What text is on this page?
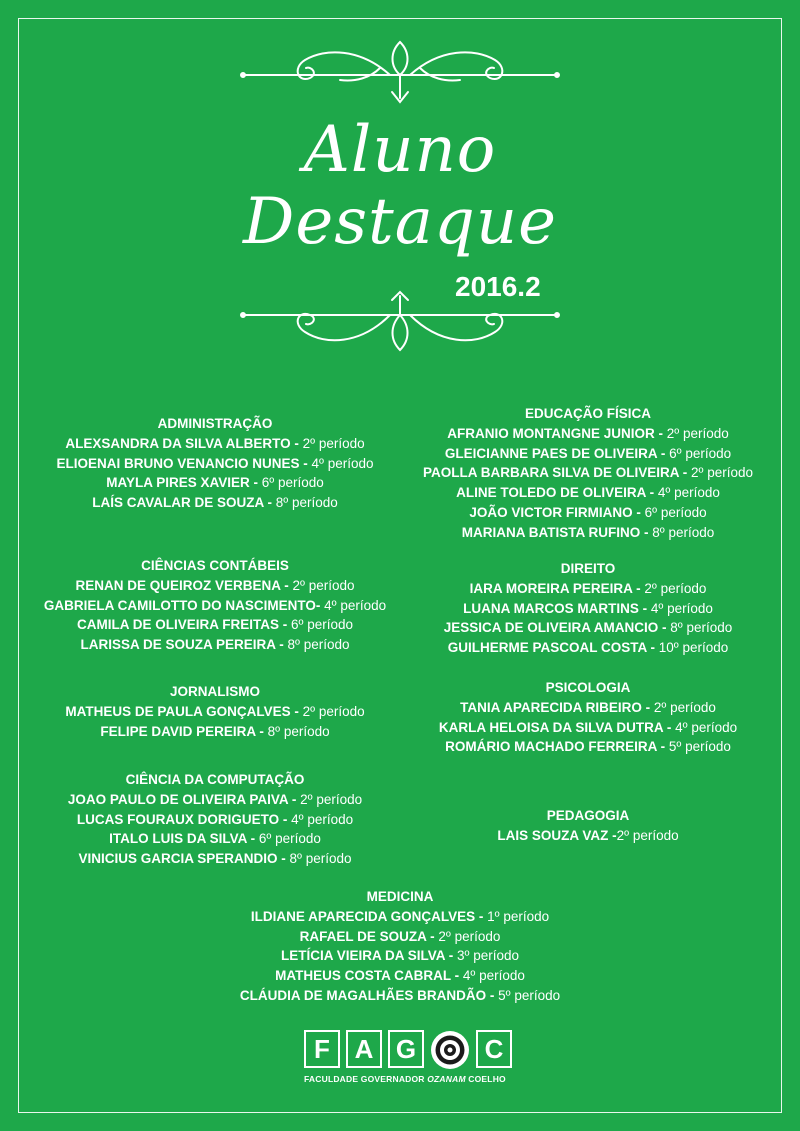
Aluno
Destaque
2016.2
ADMINISTRAÇÃO
ALEXSANDRA DA SILVA ALBERTO - 2º período
ELIOENAI BRUNO VENANCIO NUNES - 4º período
MAYLA PIRES XAVIER - 6º período
LAÍS CAVALAR DE SOUZA - 8º período
CIÊNCIAS CONTÁBEIS
RENAN DE QUEIROZ VERBENA - 2º período
GABRIELA CAMILOTTO DO NASCIMENTO- 4º período
CAMILA DE OLIVEIRA FREITAS - 6º período
LARISSA DE SOUZA PEREIRA - 8º período
JORNALISMO
MATHEUS DE PAULA GONÇALVES - 2º período
FELIPE DAVID PEREIRA - 8º período
CIÊNCIA DA COMPUTAÇÃO
JOAO PAULO DE OLIVEIRA PAIVA - 2º período
LUCAS FOURAUX DORIGUETO - 4º período
ITALO LUIS DA SILVA - 6º período
VINICIUS GARCIA SPERANDIO - 8º período
EDUCAÇÃO FÍSICA
AFRANIO MONTANGNE JUNIOR - 2º período
GLEICIANNE PAES DE OLIVEIRA - 6º período
PAOLLA BARBARA SILVA DE OLIVEIRA - 2º período
ALINE TOLEDO DE OLIVEIRA - 4º período
JOÃO VICTOR FIRMIANO - 6º período
MARIANA BATISTA RUFINO - 8º período
DIREITO
IARA MOREIRA PEREIRA - 2º período
LUANA MARCOS MARTINS - 4º período
JESSICA DE OLIVEIRA AMANCIO - 8º período
GUILHERME PASCOAL COSTA - 10º período
PSICOLOGIA
TANIA APARECIDA RIBEIRO - 2º período
KARLA HELOISA DA SILVA DUTRA - 4º período
ROMÁRIO MACHADO FERREIRA - 5º período
PEDAGOGIA
LAIS SOUZA VAZ -2º período
MEDICINA
ILDIANE APARECIDA GONÇALVES - 1º período
RAFAEL DE SOUZA - 2º período
LETÍCIA VIEIRA DA SILVA - 3º período
MATHEUS COSTA CABRAL - 4º período
CLÁUDIA DE MAGALHÃES BRANDÃO - 5º período
F A G	C
FACULDADE GOVERNADOR OZANAM COELHO
